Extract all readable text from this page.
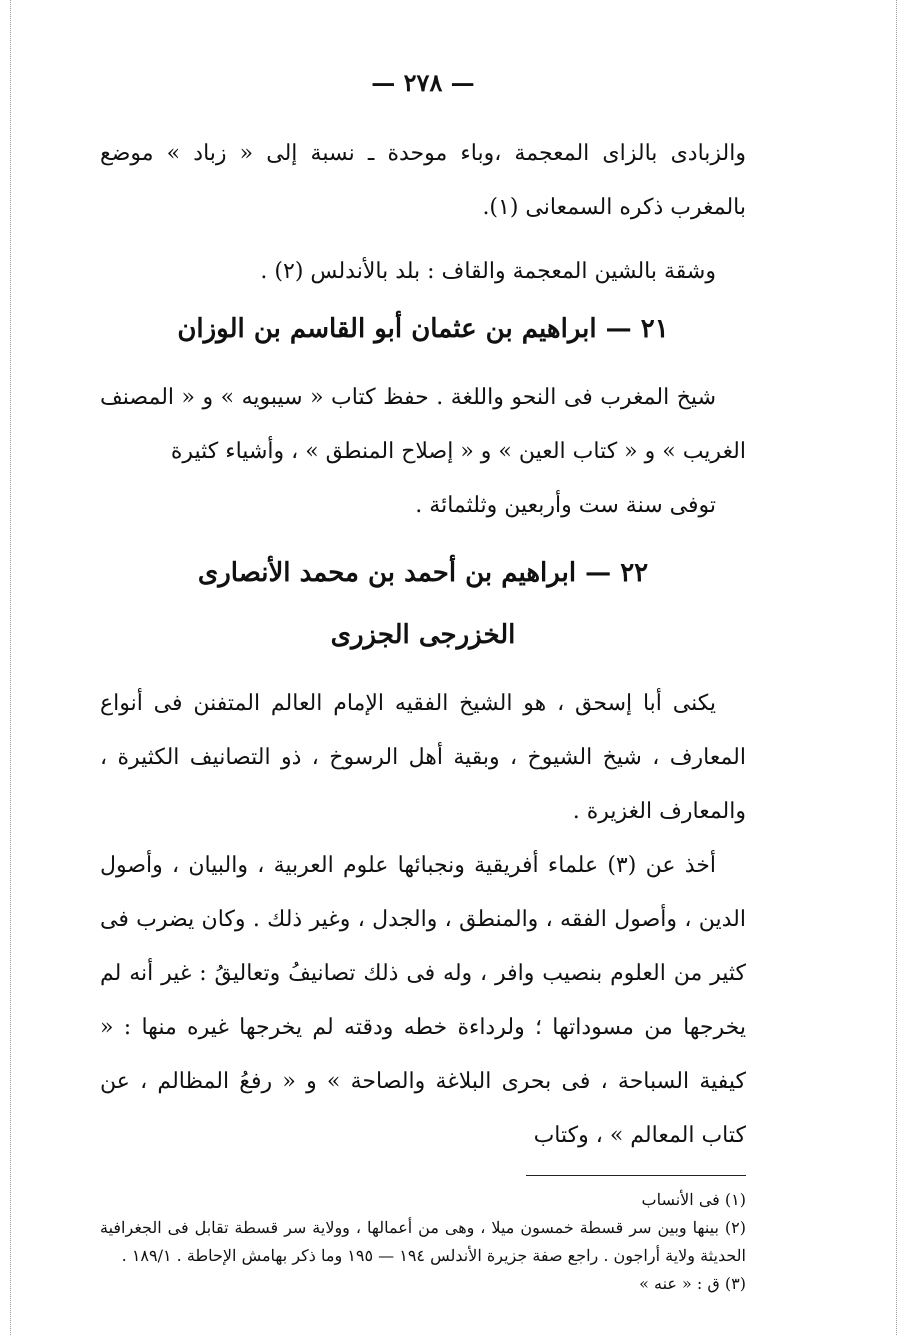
— ٢٧٨ —

والزبادى بالزاى المعجمة ،وباء موحدة ـ نسبة إلى « زباد » موضع بالمغرب ذكره السمعانى (١).

وشقة بالشين المعجمة والقاف : بلد بالأندلس (٢) .

٢١ — ابراهيم بن عثمان أبو القاسم بن الوزان

شيخ المغرب فى النحو واللغة . حفظ كتاب « سيبويه » و « المصنف الغريب » و « كتاب العين » و « إصلاح المنطق » ، وأشياء كثيرة

توفى سنة ست وأربعين وثلثمائة .

٢٢ — ابراهيم بن أحمد بن محمد الأنصارى
الخزرجى الجزرى

يكنى أبا إسحق ، هو الشيخ الفقيه الإمام العالم المتفنن فى أنواع المعارف ، شيخ الشيوخ ، وبقية أهل الرسوخ ، ذو التصانيف الكثيرة ، والمعارف الغزيرة .

أخذ عن (٣) علماء أفريقية ونجبائها علوم العربية ، والبيان ، وأصول الدين ، وأصول الفقه ، والمنطق ، والجدل ، وغير ذلك . وكان يضرب فى كثير من العلوم بنصيب وافر ، وله فى ذلك تصانيفُ وتعاليقُ : غير أنه لم يخرجها من مسوداتها ؛ ولرداءة خطه ودقته لم يخرجها غيره منها : « كيفية السباحة ، فى بحرى البلاغة والصاحة » و « رفعُ المظالم ، عن كتاب المعالم » ، وكتاب

(١) فى الأنساب

(٢) بينها وبين سر قسطة خمسون ميلا ، وهى من أعمالها ، وولاية سر قسطة تقابل فى الجغرافية الحديثة ولاية أراجون . راجع صفة جزيرة الأندلس ١٩٤ — ١٩٥ وما ذكر بهامش الإحاطة . ١٨٩/١ .

(٣) ق : « عنه »
